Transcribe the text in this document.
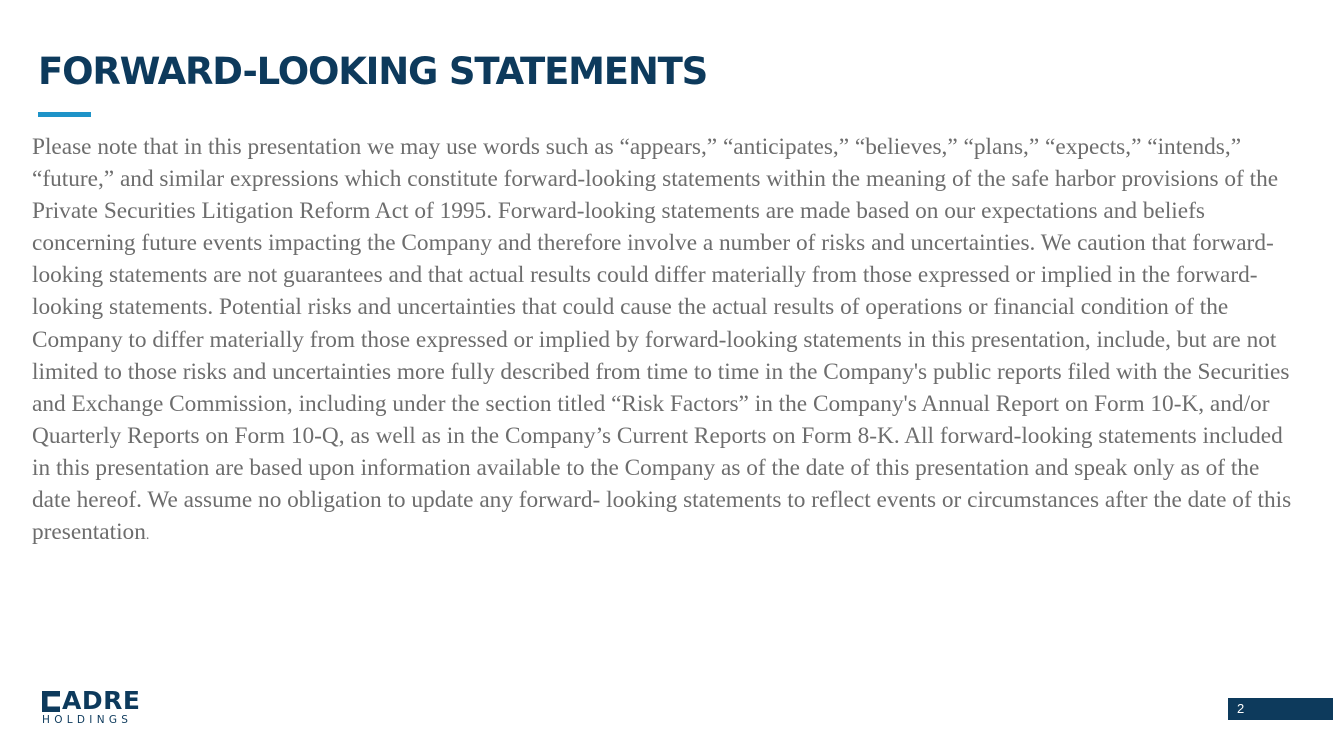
FORWARD-LOOKING STATEMENTS

Please note that in this presentation we may use words such as “appears,” “anticipates,” “believes,” “plans,” “expects,” “intends,” “future,” and similar expressions which constitute forward-looking statements within the meaning of the safe harbor provisions of the Private Securities Litigation Reform Act of 1995. Forward-looking statements are made based on our expectations and beliefs concerning future events impacting the Company and therefore involve a number of risks and uncertainties. We caution that forward-looking statements are not guarantees and that actual results could differ materially from those expressed or implied in the forward-looking statements. Potential risks and uncertainties that could cause the actual results of operations or financial condition of the Company to differ materially from those expressed or implied by forward-looking statements in this presentation, include, but are not limited to those risks and uncertainties more fully described from time to time in the Company's public reports filed with the Securities and Exchange Commission, including under the section titled “Risk Factors” in the Company's Annual Report on Form 10-K, and/or Quarterly Reports on Form 10-Q, as well as in the Company’s Current Reports on Form 8-K. All forward-looking statements included in this presentation are based upon information available to the Company as of the date of this presentation and speak only as of the date hereof. We assume no obligation to update any forward- looking statements to reflect events or circumstances after the date of this presentation.

ADRE
HOLDINGS
2
